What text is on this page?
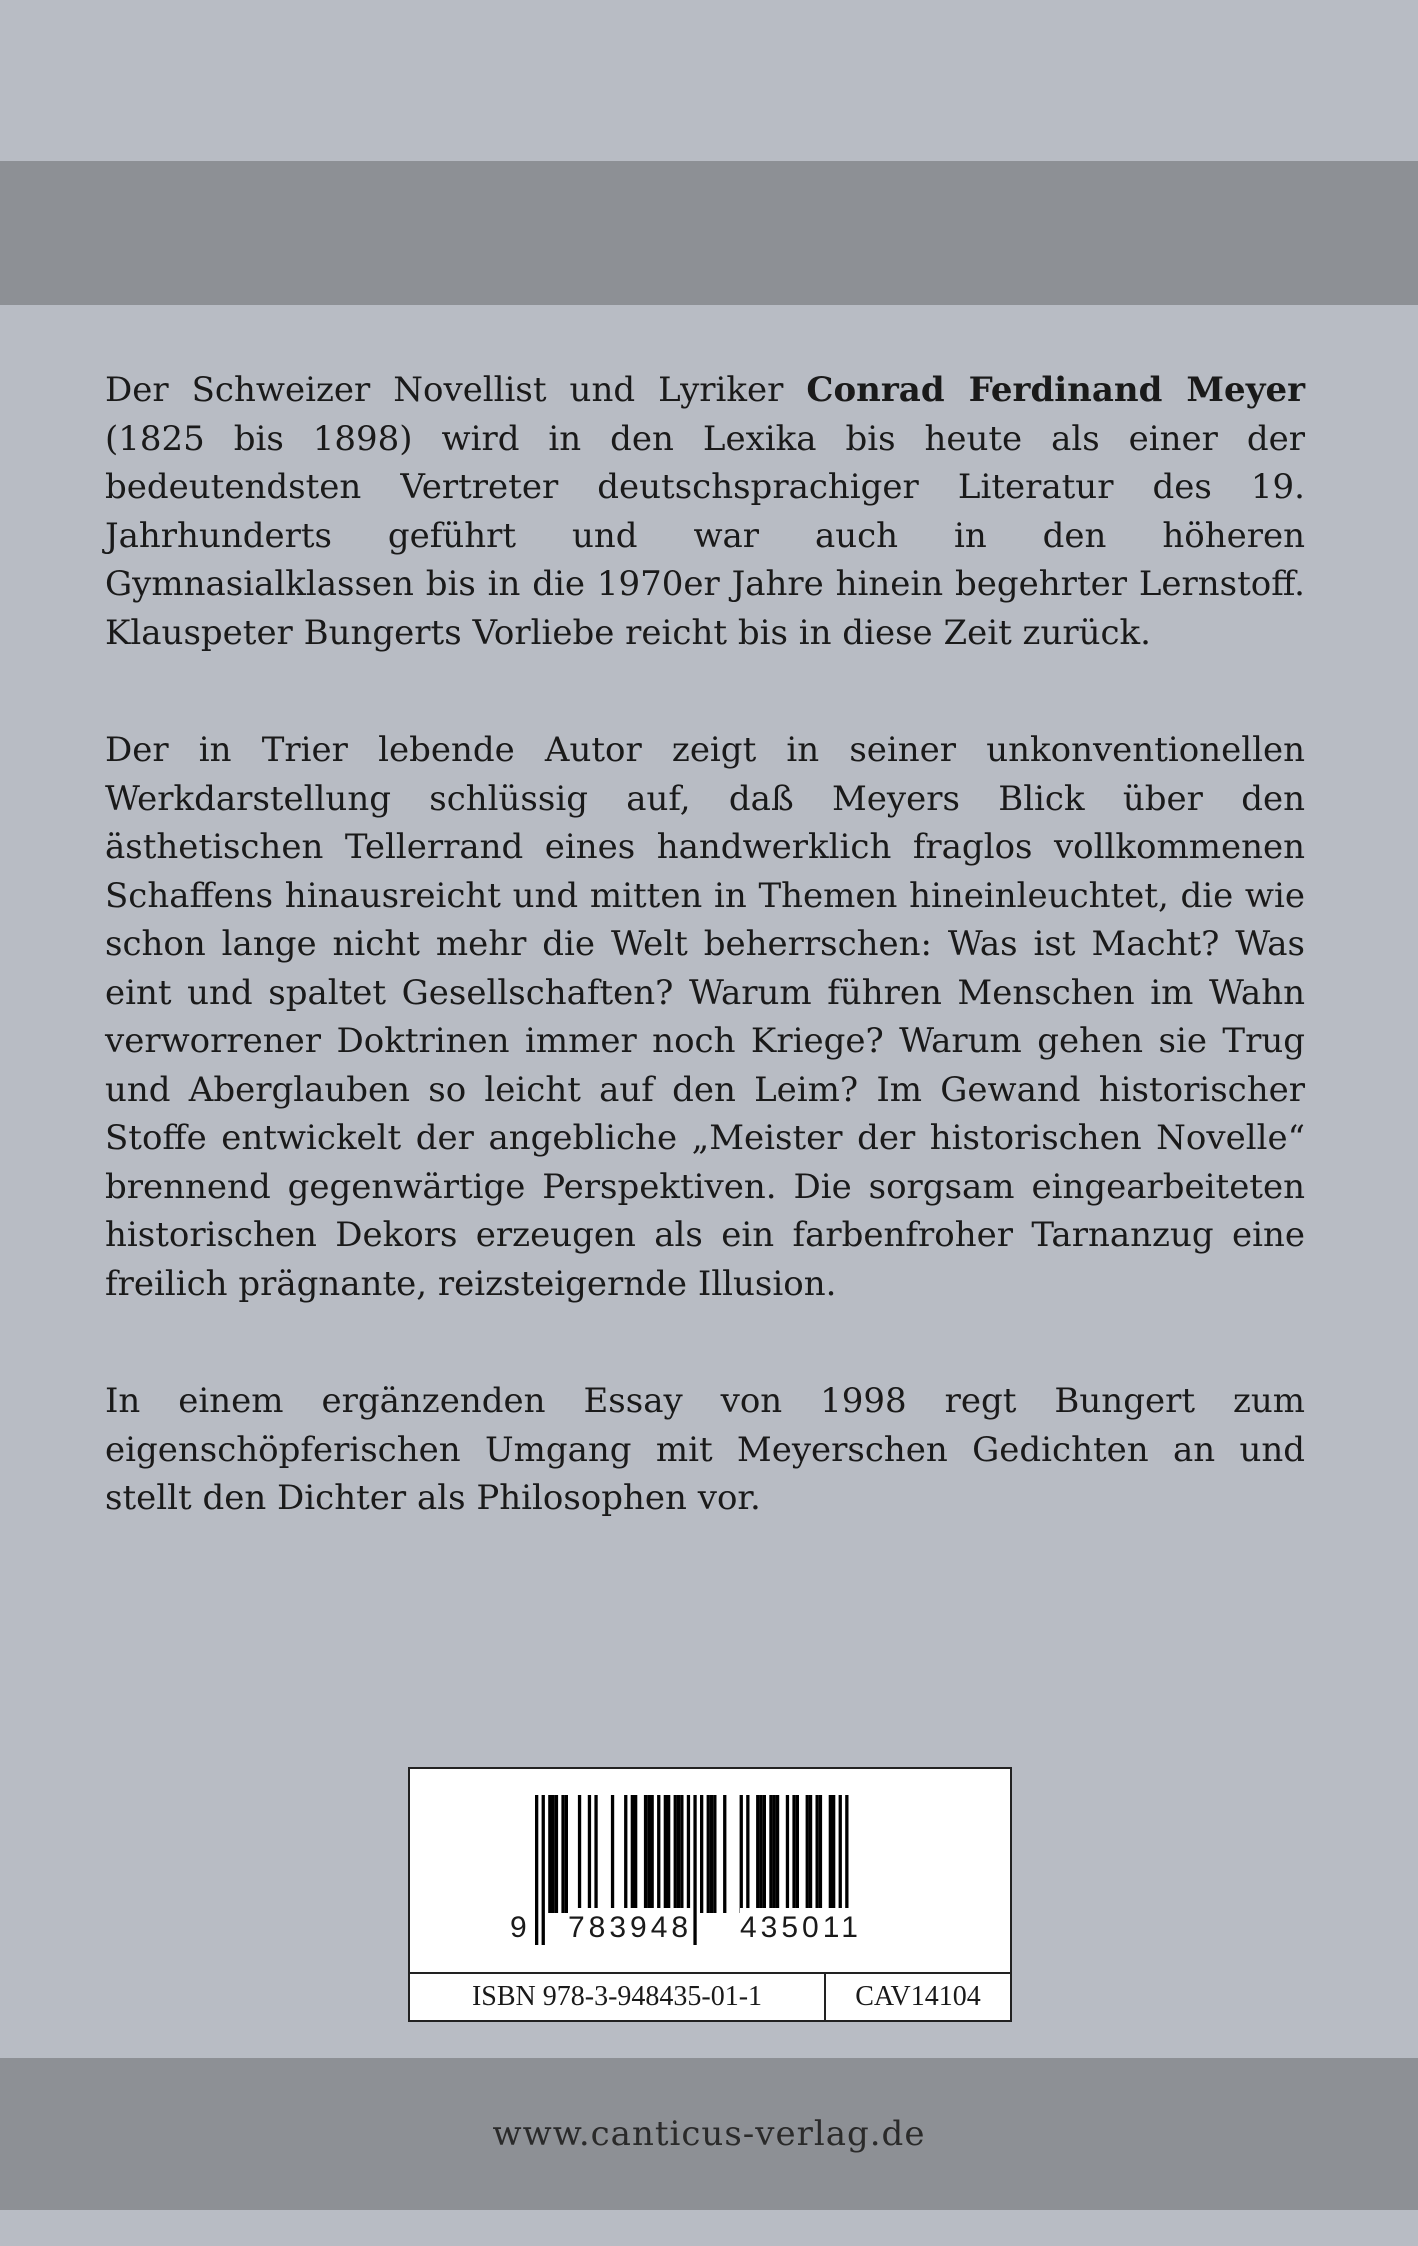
Der Schweizer Novellist und Lyriker Conrad Ferdinand Meyer (1825 bis 1898) wird in den Lexika bis heute als einer der bedeutendsten Vertreter deutschsprachiger Literatur des 19. Jahrhunderts geführt und war auch in den höheren Gymnasialklassen bis in die 1970er Jahre hinein begehrter Lernstoff. Klauspeter Bungerts Vorliebe reicht bis in diese Zeit zurück.

Der in Trier lebende Autor zeigt in seiner unkonventionellen Werkdarstellung schlüssig auf, daß Meyers Blick über den ästhetischen Tellerrand eines handwerklich fraglos vollkommenen Schaffens hinausreicht und mitten in Themen hineinleuchtet, die wie schon lange nicht mehr die Welt beherrschen: Was ist Macht? Was eint und spaltet Gesellschaften? Warum führen Menschen im Wahn verworrener Doktrinen immer noch Kriege? Warum gehen sie Trug und Aberglauben so leicht auf den Leim? Im Gewand historischer Stoffe entwickelt der angebliche „Meister der historischen Novelle“ brennend gegenwärtige Perspektiven. Die sorgsam eingearbeiteten historischen Dekors erzeugen als ein farbenfroher Tarnanzug eine freilich prägnante, reizsteigernde Illusion.

In einem ergänzenden Essay von 1998 regt Bungert zum eigenschöpferischen Umgang mit Meyerschen Gedichten an und stellt den Dichter als Philosophen vor.

9 783948 435011
ISBN 978-3-948435-01-1	CAV14104
www.canticus-verlag.de
